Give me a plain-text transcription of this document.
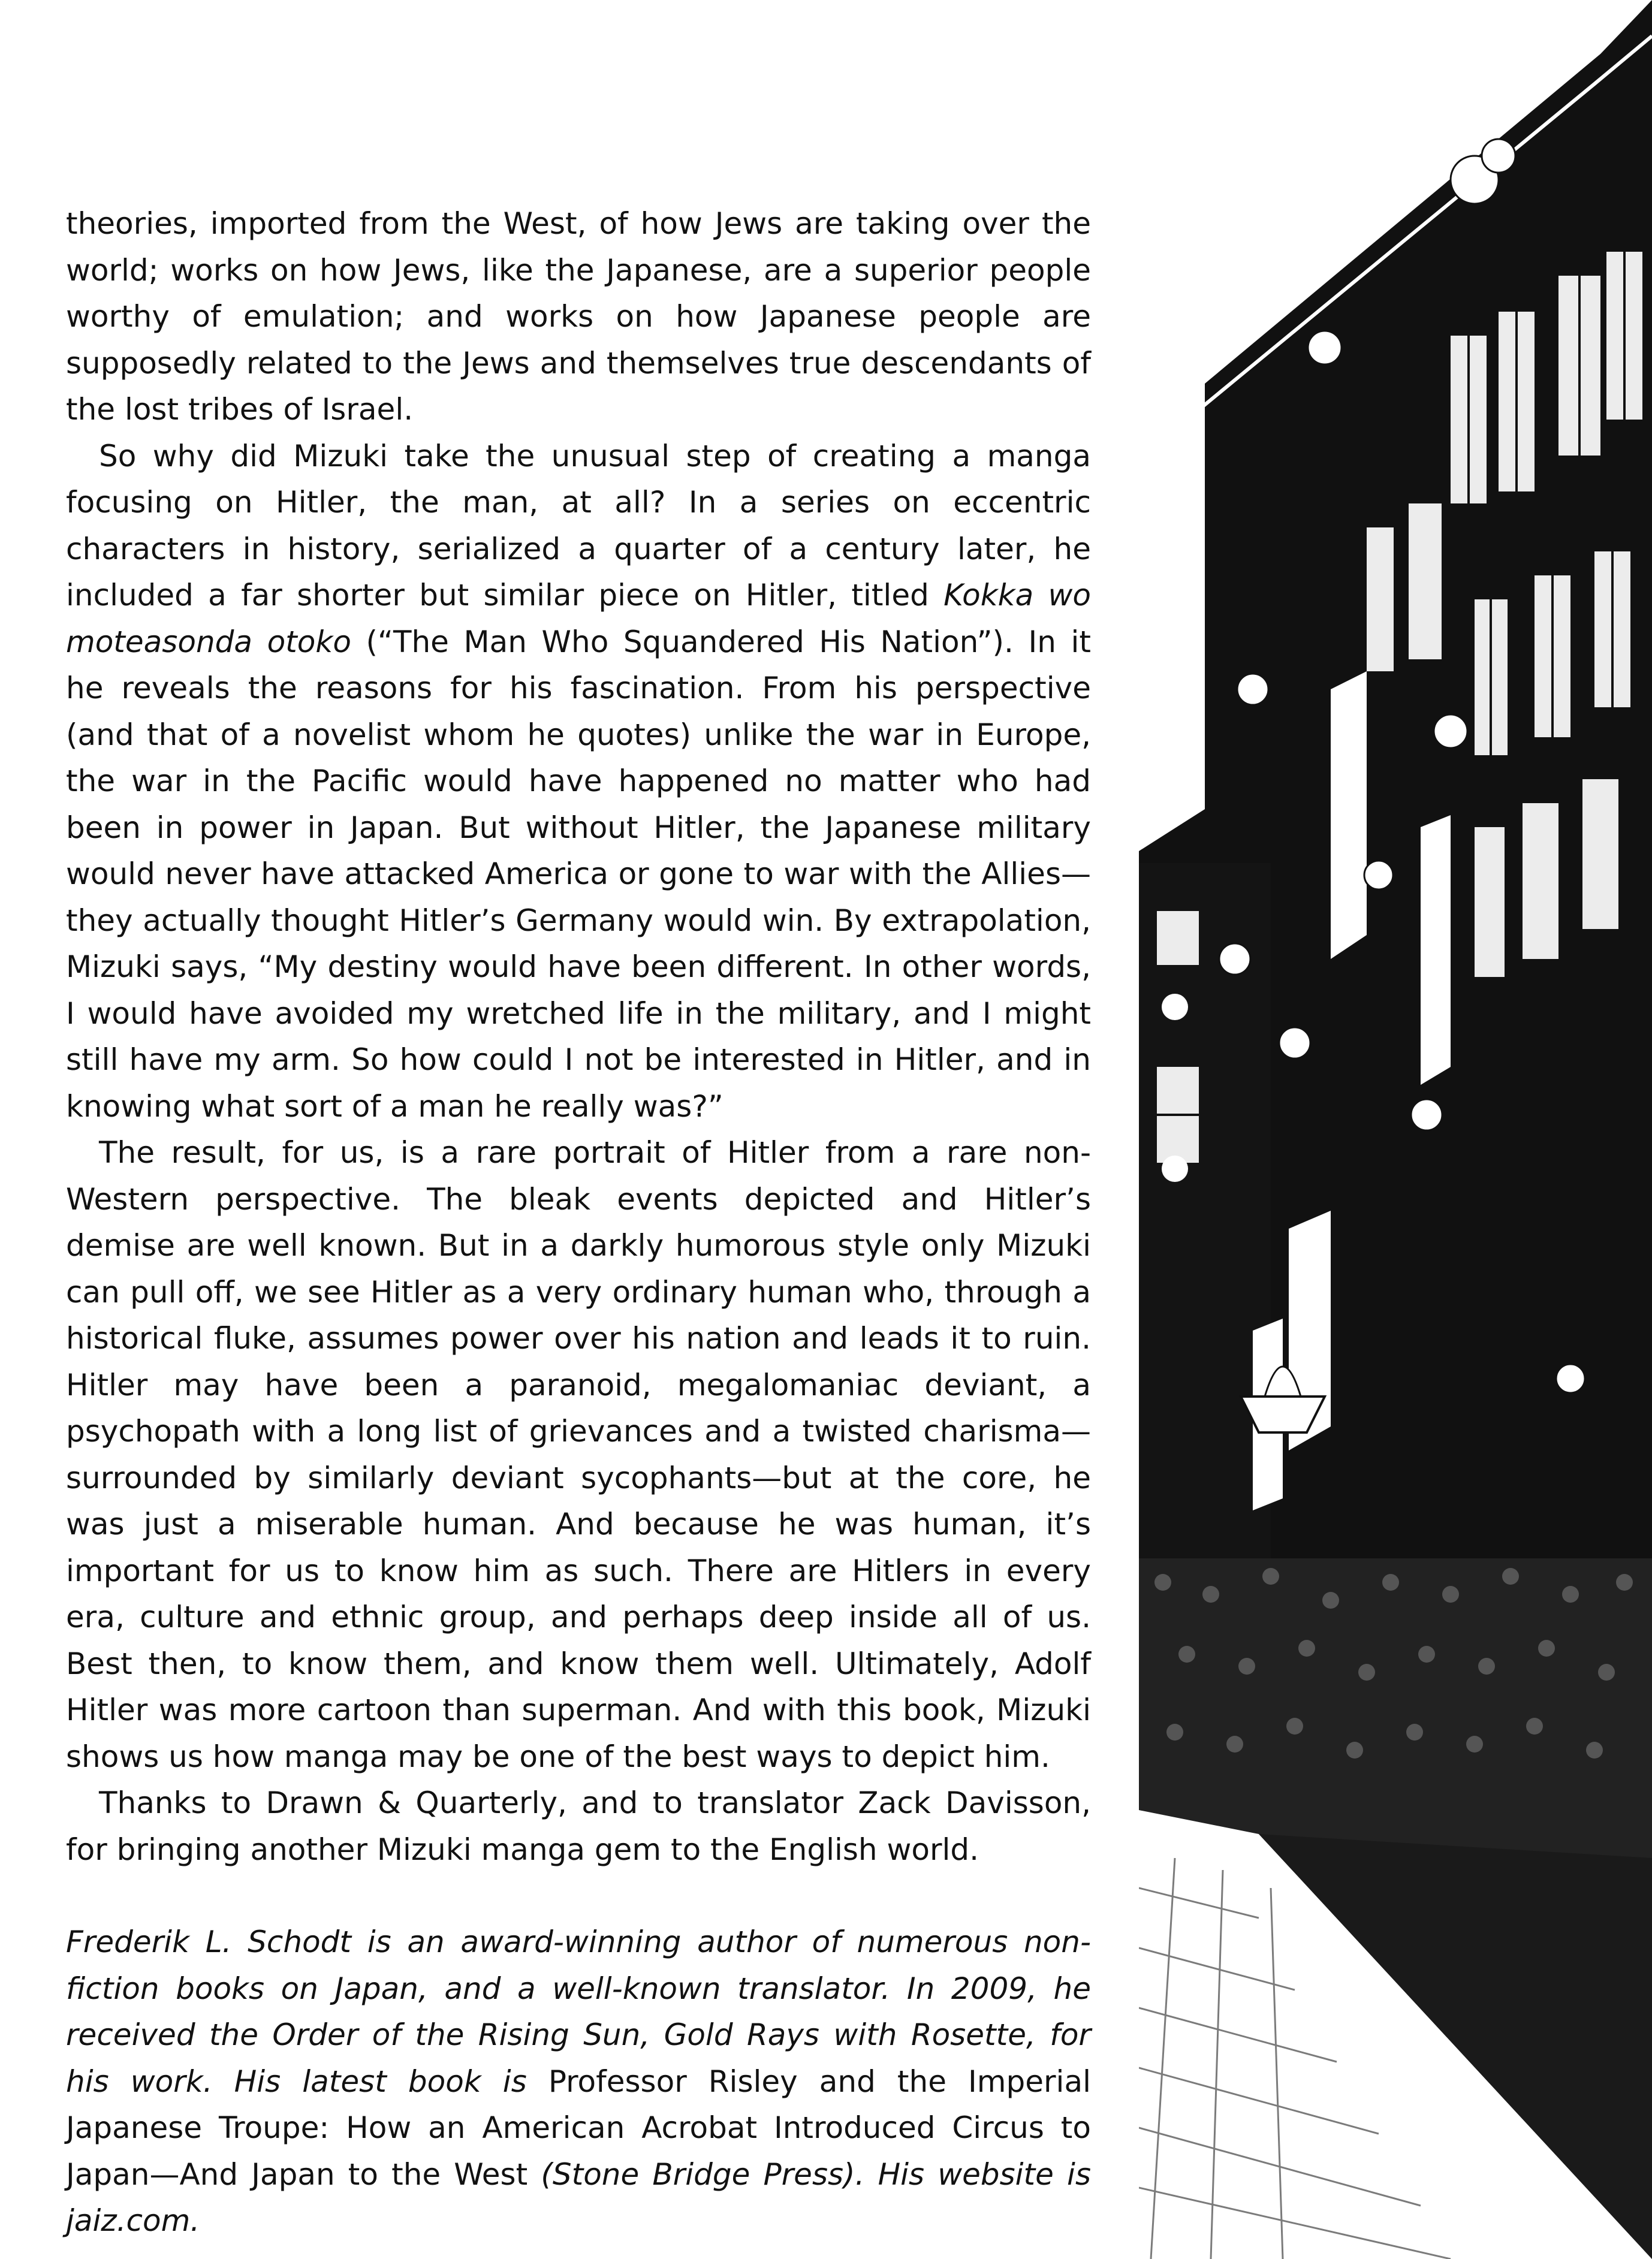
theories, imported from the West, of how Jews are taking over the world; works on how Jews, like the Japanese, are a superior people worthy of emulation; and works on how Japanese people are supposedly related to the Jews and themselves true descendants of the lost tribes of Israel.

So why did Mizuki take the unusual step of creating a manga focusing on Hitler, the man, at all? In a series on eccentric characters in history, serialized a quarter of a century later, he included a far shorter but similar piece on Hitler, titled Kokka wo moteasonda otoko (“The Man Who Squandered His Nation”). In it he reveals the reasons for his fascination. From his perspective (and that of a novelist whom he quotes) unlike the war in Europe, the war in the Pacific would have happened no matter who had been in power in Japan. But without Hitler, the Japanese military would never have attacked America or gone to war with the Allies—they actually thought Hitler’s Germany would win. By extrapolation, Mizuki says, “My destiny would have been different. In other words, I would have avoided my wretched life in the military, and I might still have my arm. So how could I not be interested in Hitler, and in knowing what sort of a man he really was?”

The result, for us, is a rare portrait of Hitler from a rare non-Western perspective. The bleak events depicted and Hitler’s demise are well known. But in a darkly humorous style only Mizuki can pull off, we see Hitler as a very ordinary human who, through a historical fluke, assumes power over his nation and leads it to ruin. Hitler may have been a paranoid, megalomaniac deviant, a psychopath with a long list of grievances and a twisted charisma—surrounded by similarly deviant sycophants—but at the core, he was just a miserable human. And because he was human, it’s important for us to know him as such. There are Hitlers in every era, culture and ethnic group, and perhaps deep inside all of us. Best then, to know them, and know them well. Ultimately, Adolf Hitler was more cartoon than superman. And with this book, Mizuki shows us how manga may be one of the best ways to depict him.

Thanks to Drawn & Quarterly, and to translator Zack Davisson, for bringing another Mizuki manga gem to the English world.

Frederik L. Schodt is an award-winning author of numerous non-fiction books on Japan, and a well-known translator. In 2009, he received the Order of the Rising Sun, Gold Rays with Rosette, for his work. His latest book is Professor Risley and the Imperial Japanese Troupe: How an American Acrobat Introduced Circus to Japan—And Japan to the West (Stone Bridge Press). His website is jaiz.com.
